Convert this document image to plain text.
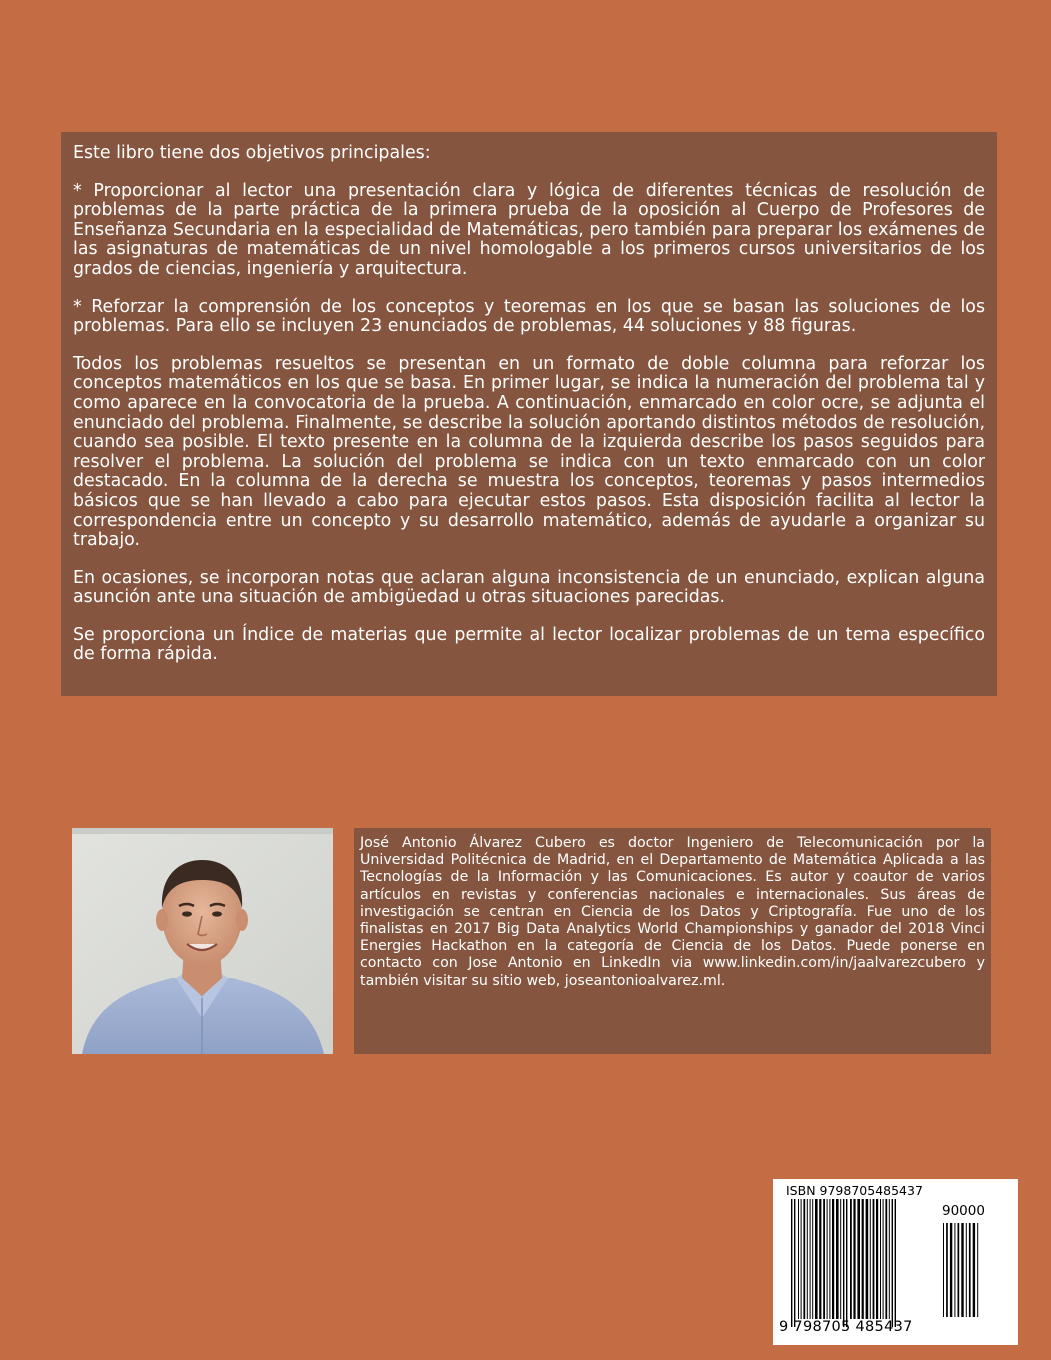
Este libro tiene dos objetivos principales:

* Proporcionar al lector una presentación clara y lógica de diferentes técnicas de resolución de problemas de la parte práctica de la primera prueba de la oposición al Cuerpo de Profesores de Enseñanza Secundaria en la especialidad de Matemáticas, pero también para preparar los exámenes de las asignaturas de matemáticas de un nivel homologable a los primeros cursos universitarios de los grados de ciencias, ingeniería y arquitectura.

* Reforzar la comprensión de los conceptos y teoremas en los que se basan las soluciones de los problemas. Para ello se incluyen 23 enunciados de problemas, 44 soluciones y 88 figuras.

Todos los problemas resueltos se presentan en un formato de doble columna para reforzar los conceptos matemáticos en los que se basa. En primer lugar, se indica la numeración del problema tal y como aparece en la convocatoria de la prueba. A continuación, enmarcado en color ocre, se adjunta el enunciado del problema. Finalmente, se describe la solución aportando distintos métodos de resolución, cuando sea posible. El texto presente en la columna de la izquierda describe los pasos seguidos para resolver el problema. La solución del problema se indica con un texto enmarcado con un color destacado. En la columna de la derecha se muestra los conceptos, teoremas y pasos intermedios básicos que se han llevado a cabo para ejecutar estos pasos. Esta disposición facilita al lector la correspondencia entre un concepto y su desarrollo matemático, además de ayudarle a organizar su trabajo.

En ocasiones, se incorporan notas que aclaran alguna inconsistencia de un enunciado, explican alguna asunción ante una situación de ambigüedad u otras situaciones parecidas.

Se proporciona un Índice de materias que permite al lector localizar problemas de un tema específico de forma rápida.

José Antonio Álvarez Cubero es doctor Ingeniero de Telecomunicación por la Universidad Politécnica de Madrid, en el Departamento de Matemática Aplicada a las Tecnologías de la Información y las Comunicaciones. Es autor y coautor de varios artículos en revistas y conferencias nacionales e internacionales. Sus áreas de investigación se centran en Ciencia de los Datos y Criptografía. Fue uno de los finalistas en 2017 Big Data Analytics World Championships y ganador del 2018 Vinci Energies Hackathon en la categoría de Ciencia de los Datos. Puede ponerse en contacto con Jose Antonio en LinkedIn via www.linkedin.com/in/jaalvarezcubero y también visitar su sitio web, joseantonioalvarez.ml.

ISBN 9798705485437
90000
9 798705 485437
